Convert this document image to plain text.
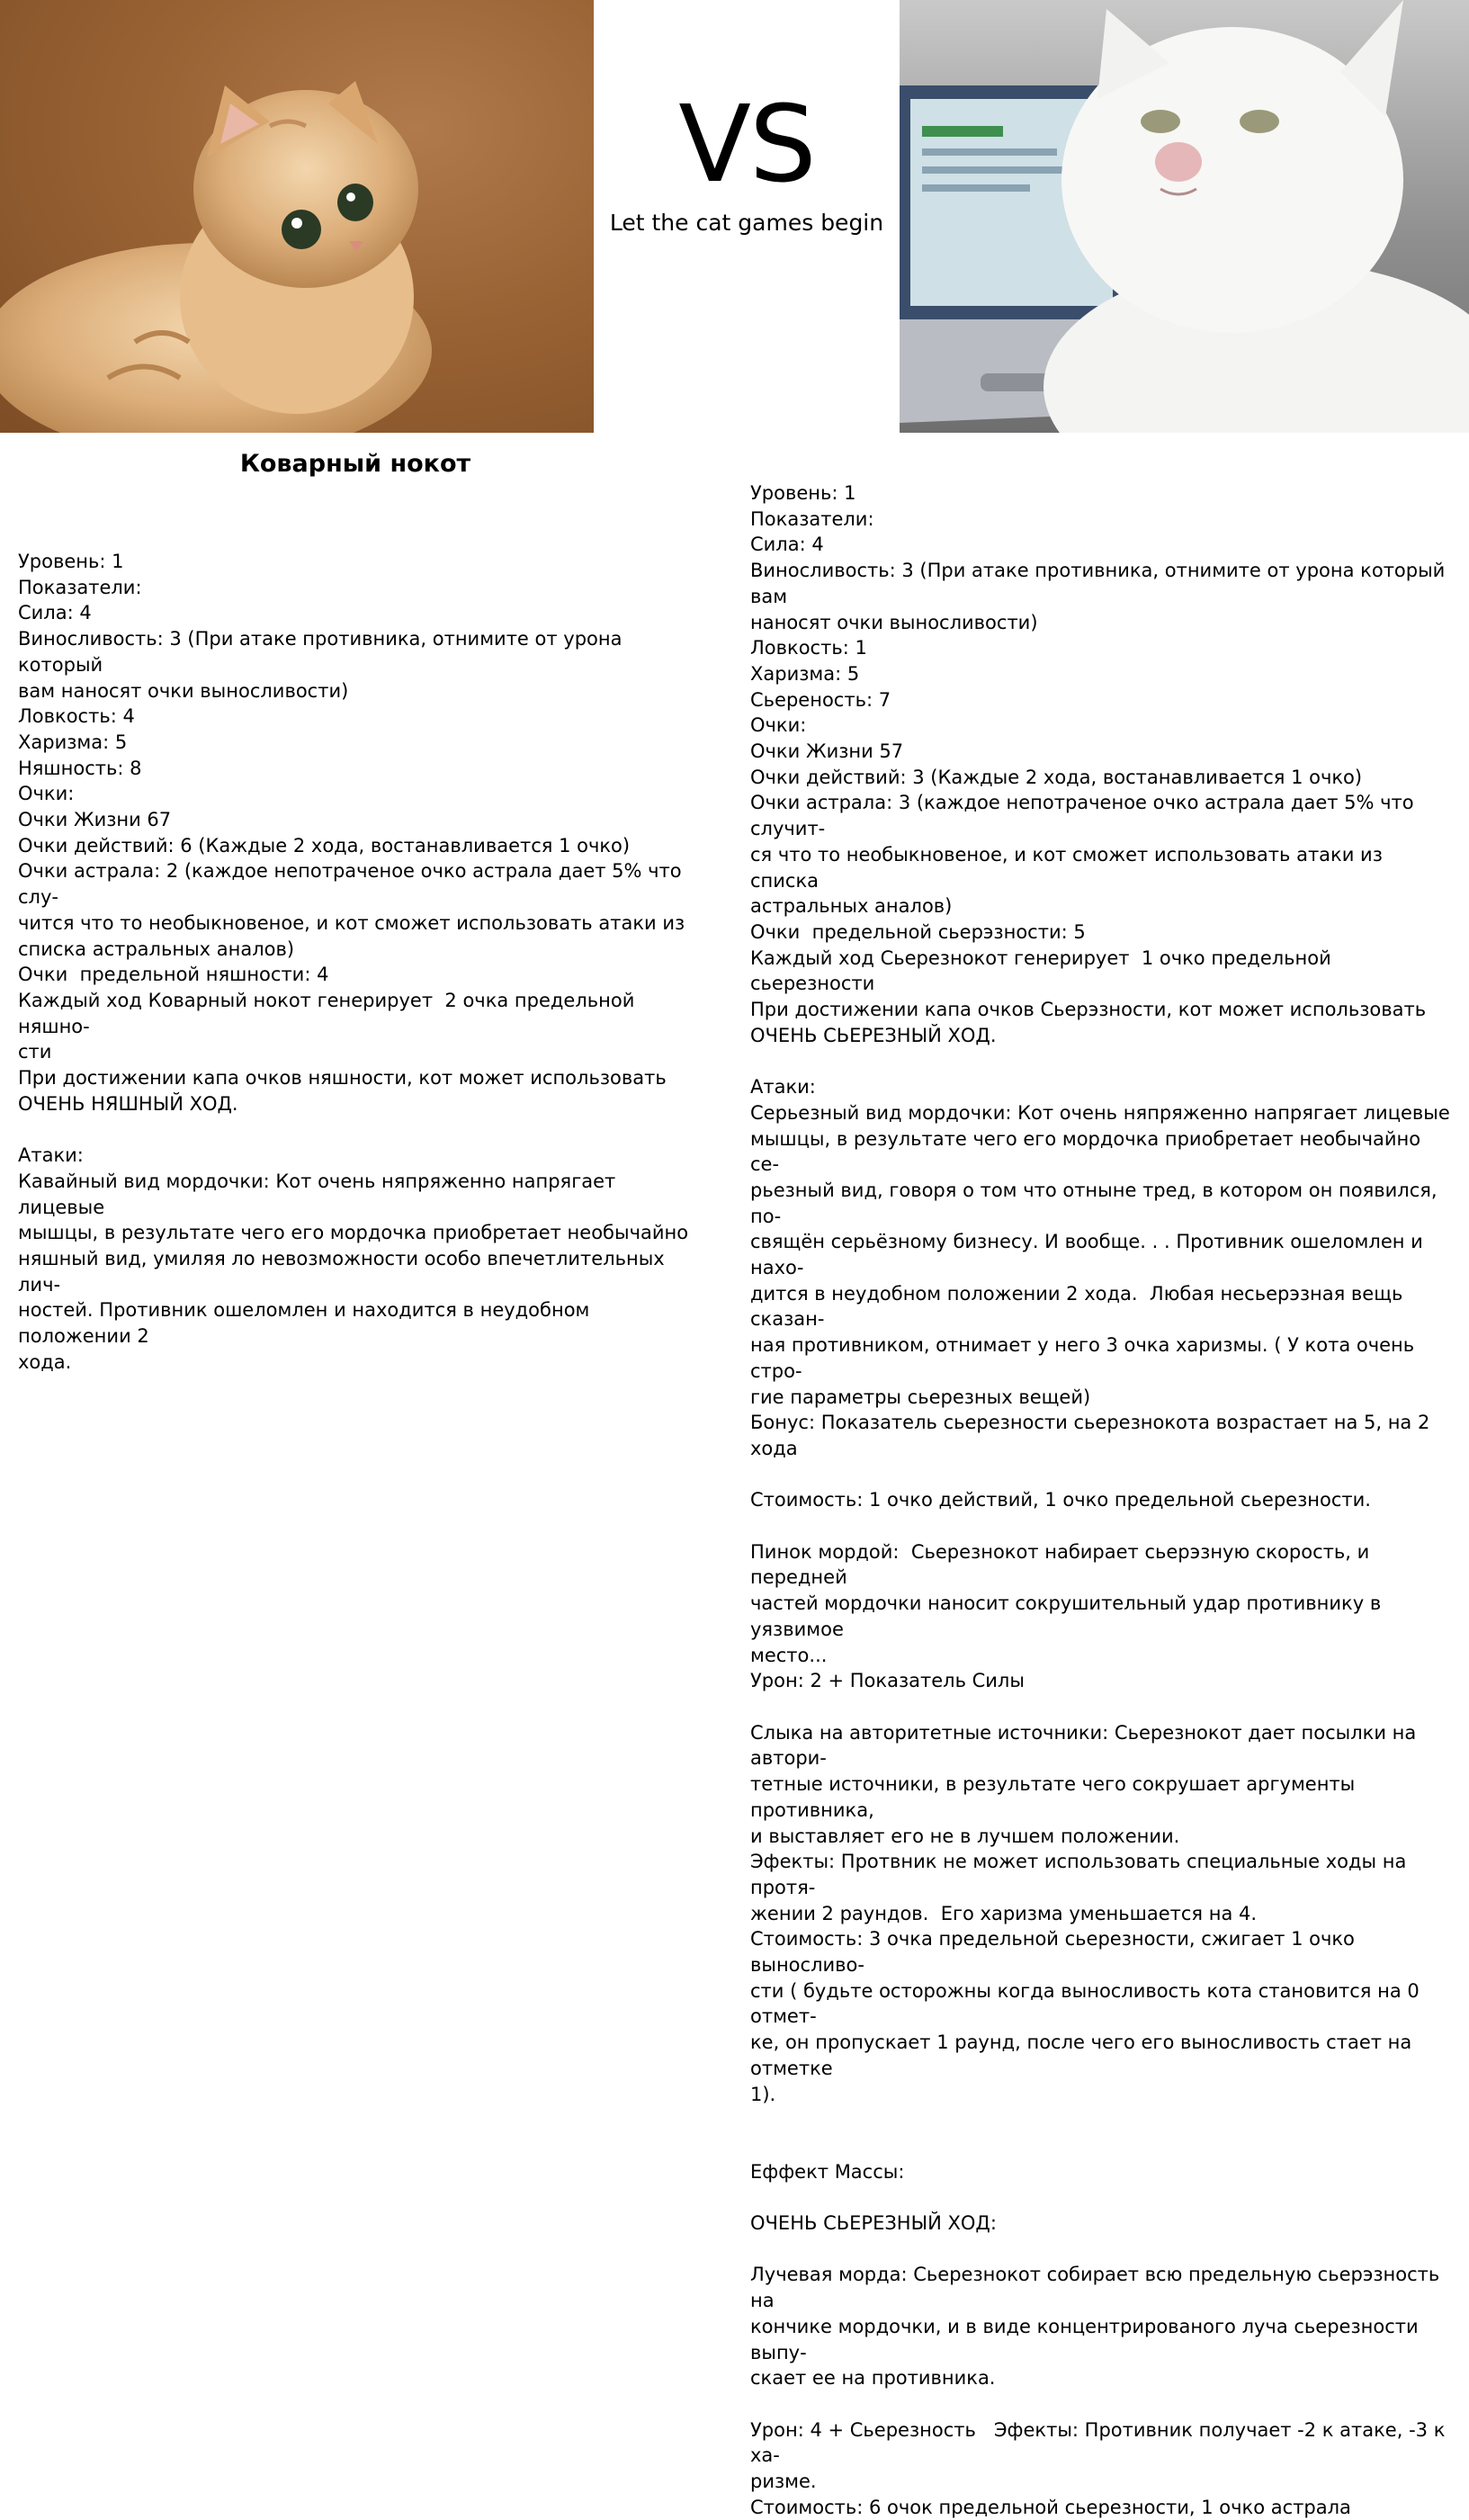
VS
Let the cat games begin
Коварный нокот
Уровень: 1
Показатели:
Сила: 4
Виносливость: 3 (При атаке противника, отнимите от урона который
вам наносят очки выносливости)
Ловкость: 4
Харизма: 5
Няшность: 8
Очки:
Очки Жизни 67
Очки действий: 6 (Каждые 2 хода, востанавливается 1 очко)
Очки астрала: 2 (каждое непотраченое очко астрала дает 5% что слу-
чится что то необыкновеное, и кот сможет использовать атаки из
списка астральных аналов)
Очки  предельной няшности: 4
Каждый ход Коварный нокот генерирует  2 очка предельной няшно-
сти
При достижении капа очков няшности, кот может использовать
ОЧЕНЬ НЯШНЫЙ ХОД.
Атаки:
Кавайный вид мордочки: Кот очень няпряженно напрягает лицевые
мышцы, в результате чего его мордочка приобретает необычайно
няшный вид, умиляя ло невозможности особо впечетлительных лич-
ностей. Противник ошеломлен и находится в неудобном положении 2
хода.
Уровень: 1
Показатели:
Сила: 4
Виносливость: 3 (При атаке противника, отнимите от урона который вам
наносят очки выносливости)
Ловкость: 1
Харизма: 5
Сьереность: 7
Очки:
Очки Жизни 57
Очки действий: 3 (Каждые 2 хода, востанавливается 1 очко)
Очки астрала: 3 (каждое непотраченое очко астрала дает 5% что случит-
ся что то необыкновеное, и кот сможет использовать атаки из списка
астральных аналов)
Очки  предельной сьерэзности: 5
Каждый ход Сьерезнокот генерирует  1 очко предельной сьерезности
При достижении капа очков Сьерэзности, кот может использовать
ОЧЕНЬ СЬЕРЕЗНЫЙ ХОД.
Атаки:
Серьезный вид мордочки: Кот очень няпряженно напрягает лицевые
мышцы, в результате чего его мордочка приобретает необычайно се-
рьезный вид, говоря о том что отныне тред, в котором он появился, по-
свящён серьёзному бизнесу. И вообще. . . Противник ошеломлен и нахо-
дится в неудобном положении 2 хода.  Любая несьерэзная вещь сказан-
ная противником, отнимает у него 3 очка харизмы. ( У кота очень стро-
гие параметры сьерезных вещей)
Бонус: Показатель сьерезности сьерезнокота возрастает на 5, на 2 хода
Стоимость: 1 очко действий, 1 очко предельной сьерезности.
Пинок мордой:  Сьерезнокот набирает сьерэзную скорость, и передней
частей мордочки наносит сокрушительный удар противнику в уязвимое
место...
Урон: 2 + Показатель Силы
Слыка на авторитетные источники: Сьерезнокот дает посылки на автори-
тетные источники, в результате чего сокрушает аргументы противника,
и выставляет его не в лучшем положении.
Эфекты: Протвник не может использовать специальные ходы на протя-
жении 2 раундов.  Его харизма уменьшается на 4.
Стоимость: 3 очка предельной сьерезности, сжигает 1 очко выносливо-
сти ( будьте осторожны когда выносливость кота становится на 0 отмет-
ке, он пропускает 1 раунд, после чего его выносливость стает на отметке
1).
Еффект Массы:
ОЧЕНЬ СЬЕРЕЗНЫЙ ХОД:
Лучевая морда: Сьерезнокот собирает всю предельную сьерэзность на
кончике мордочки, и в виде концентрированого луча сьерезности выпу-
скает ее на противника.
Урон: 4 + Сьерезность   Эфекты: Противник получает -2 к атаке, -3 к ха-
ризме.
Стоимость: 6 очок предельной сьерезности, 1 очко астрала
